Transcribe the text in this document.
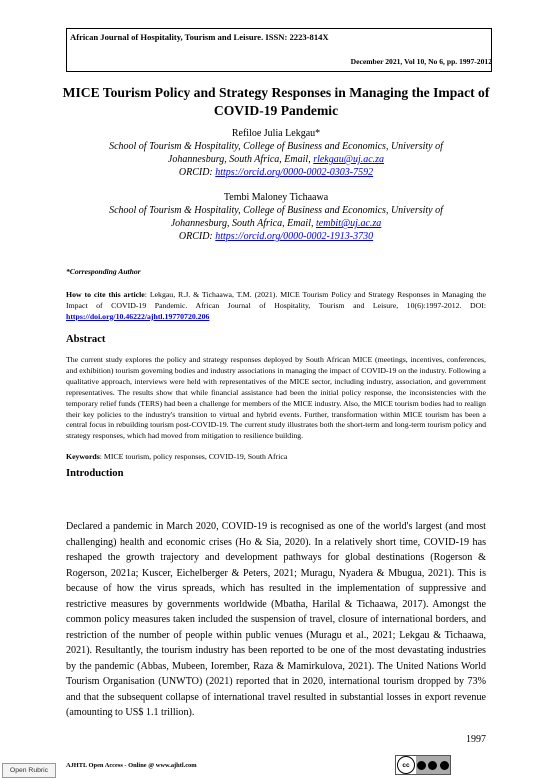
African Journal of Hospitality, Tourism and Leisure. ISSN: 2223-814X
December 2021, Vol 10, No 6, pp. 1997-2012
MICE Tourism Policy and Strategy Responses in Managing the Impact of COVID-19 Pandemic
Refiloe Julia Lekgau*
School of Tourism & Hospitality, College of Business and Economics, University of
Johannesburg, South Africa, Email, rlekgau@uj.ac.za
ORCID: https://orcid.org/0000-0002-0303-7592
Tembi Maloney Tichaawa
School of Tourism & Hospitality, College of Business and Economics, University of
Johannesburg, South Africa, Email, tembit@uj.ac.za
ORCID: https://orcid.org/0000-0002-1913-3730
*Corresponding Author
How to cite this article: Lekgau, R.J. & Tichaawa, T.M. (2021). MICE Tourism Policy and Strategy Responses in Managing the Impact of COVID-19 Pandemic. African Journal of Hospitality, Tourism and Leisure, 10(6):1997-2012. DOI: https://doi.org/10.46222/ajhtl.19770720.206
Abstract
The current study explores the policy and strategy responses deployed by South African MICE (meetings, incentives, conferences, and exhibition) tourism governing bodies and industry associations in managing the impact of COVID-19 on the industry. Following a qualitative approach, interviews were held with representatives of the MICE sector, including industry, association, and government representatives. The results show that while financial assistance had been the initial policy response, the inconsistencies with the temporary relief funds (TERS) had been a challenge for members of the MICE industry. Also, the MICE tourism bodies had to realign their key policies to the industry's transition to virtual and hybrid events. Further, transformation within MICE tourism has been a central focus in rebuilding tourism post-COVID-19. The current study illustrates both the short-term and long-term tourism policy and strategy responses, which had moved from mitigation to resilience building.
Keywords: MICE tourism, policy responses, COVID-19, South Africa
Introduction
Declared a pandemic in March 2020, COVID-19 is recognised as one of the world's largest (and most challenging) health and economic crises (Ho & Sia, 2020). In a relatively short time, COVID-19 has reshaped the growth trajectory and development pathways for global destinations (Rogerson & Rogerson, 2021a; Kuscer, Eichelberger & Peters, 2021; Muragu, Nyadera & Mbugua, 2021). This is because of how the virus spreads, which has resulted in the implementation of suppressive and restrictive measures by governments worldwide (Mbatha, Harilal & Tichaawa, 2017). Amongst the common policy measures taken included the suspension of travel, closure of international borders, and restriction of the number of people within public venues (Muragu et al., 2021; Lekgau & Tichaawa, 2021). Resultantly, the tourism industry has been reported to be one of the most devastating industries by the pandemic (Abbas, Mubeen, Iorember, Raza & Mamirkulova, 2021). The United Nations World Tourism Organisation (UNWTO) (2021) reported that in 2020, international tourism dropped by 73% and that the subsequent collapse of international travel resulted in substantial losses in export revenue (amounting to US$ 1.1 trillion).
1997
AJHTL Open Access - Online @ www.ajhtl.com	cc
Open Rubric
